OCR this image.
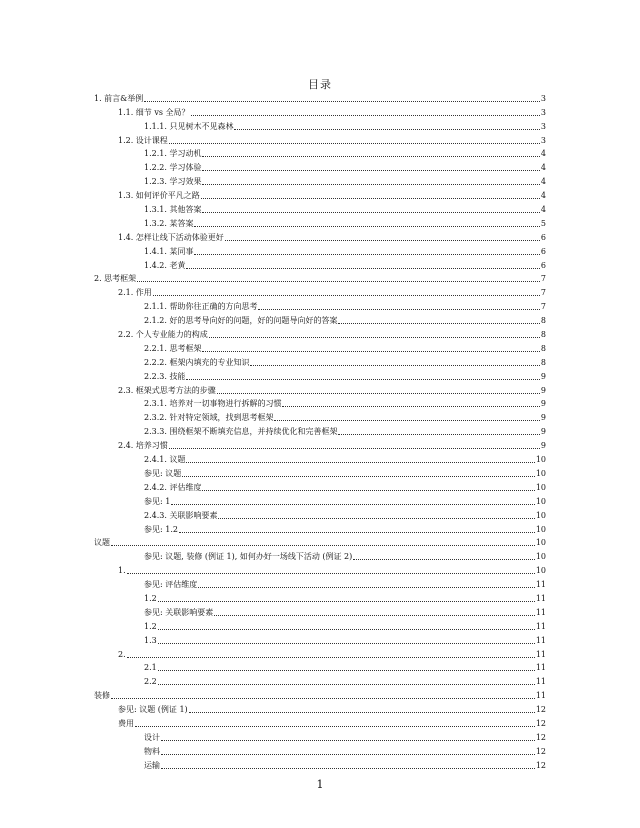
目录
1. 前言&举例	3
1.1. 细节 vs 全局？	3
1.1.1. 只见树木不见森林	3
1.2. 设计课程	3
1.2.1. 学习动机	4
1.2.2. 学习体验	4
1.2.3. 学习效果	4
1.3. 如何评价平凡之路	4
1.3.1. 其他答案	4
1.3.2. 某答案	5
1.4. 怎样让线下活动体验更好	6
1.4.1. 某同事	6
1.4.2. 老黄	6
2. 思考框架	7
2.1. 作用	7
2.1.1. 帮助你往正确的方向思考	7
2.1.2. 好的思考导向好的问题，好的问题导向好的答案	8
2.2. 个人专业能力的构成	8
2.2.1. 思考框架	8
2.2.2. 框架内填充的专业知识	8
2.2.3. 技能	9
2.3. 框架式思考方法的步骤	9
2.3.1. 培养对一切事物进行拆解的习惯	9
2.3.2. 针对特定领域，找到思考框架	9
2.3.3. 围绕框架不断填充信息，并持续优化和完善框架	9
2.4. 培养习惯	9
2.4.1. 议题	10
参见: 议题	10
2.4.2. 评估维度	10
参见: 1	10
2.4.3. 关联影响要素	10
参见: 1.2	10
议题	10
参见: 议题, 装修 (例证 1), 如何办好一场线下活动 (例证 2)	10
1.	10
参见: 评估维度	11
1.2	11
参见: 关联影响要素	11
1.2	11
1.3	11
2.	11
2.1	11
2.2	11
装修	11
参见: 议题 (例证 1)	12
费用	12
设计	12
物料	12
运输	12
1
